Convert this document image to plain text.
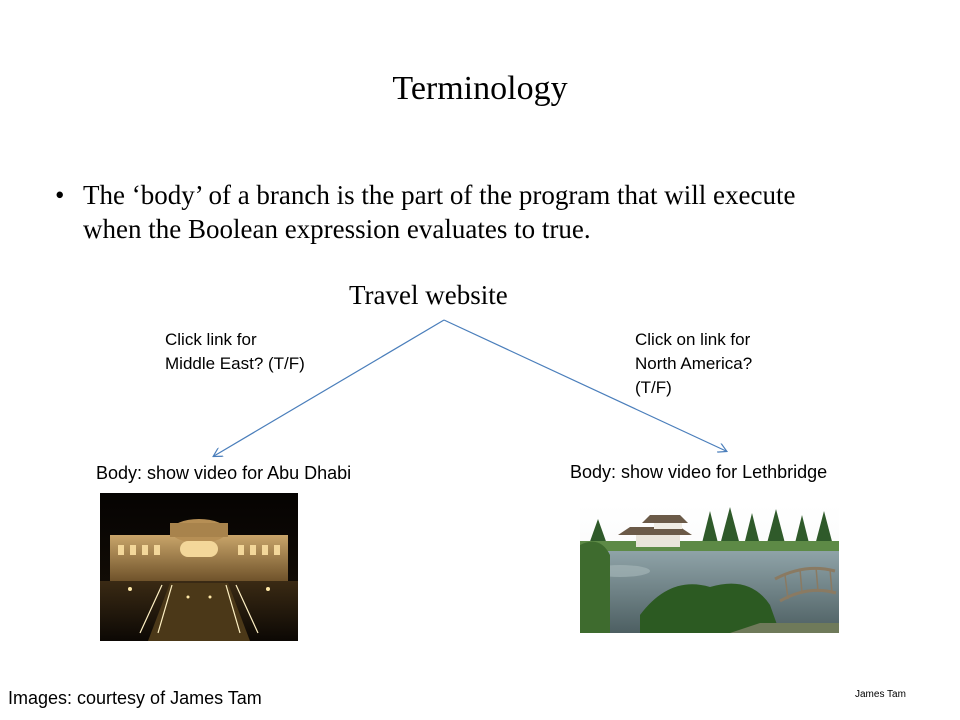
Terminology
• The ‘body’ of a branch is the part of the program that will execute when the Boolean expression evaluates to true.
Travel website
Click link for
Middle East? (T/F)
Click on link for
North America?
(T/F)
Body: show video for Abu Dhabi	Body: show video for Lethbridge
Images: courtesy of James Tam	James Tam
